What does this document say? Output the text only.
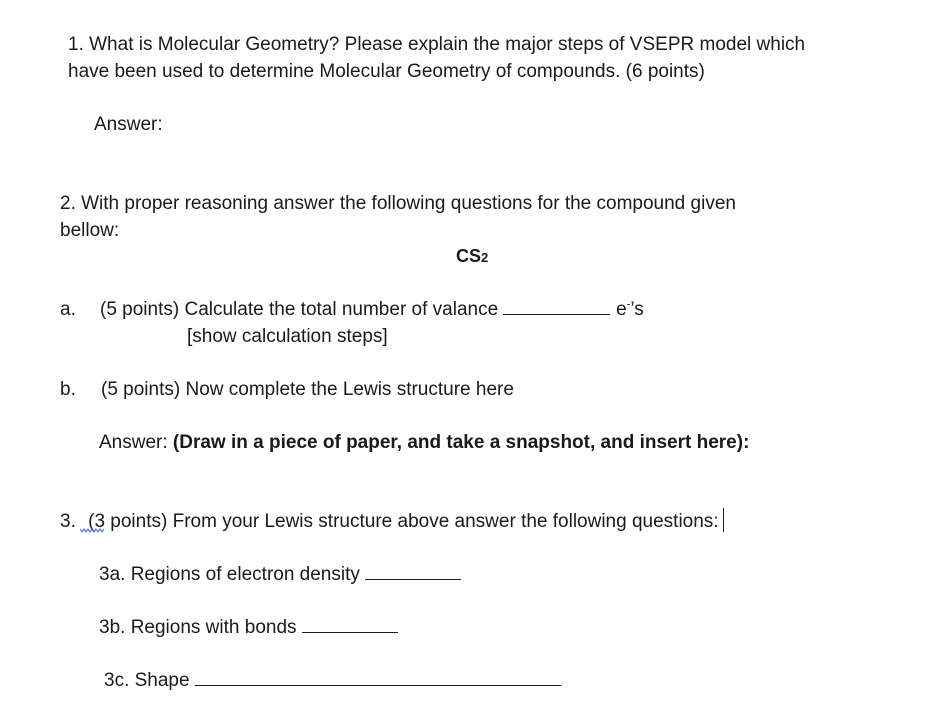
1. What is Molecular Geometry? Please explain the major steps of VSEPR model which
have been used to determine Molecular Geometry of compounds. (6 points)
Answer:
2. With proper reasoning answer the following questions for the compound given
bellow:
CS2
a. (5 points) Calculate the total number of valance	e-’s
[show calculation steps]
b. (5 points) Now complete the Lewis structure here
Answer: (Draw in a piece of paper, and take a snapshot, and insert here):
3. (3 points) From your Lewis structure above answer the following questions:
3a. Regions of electron density
3b. Regions with bonds
3c. Shape
